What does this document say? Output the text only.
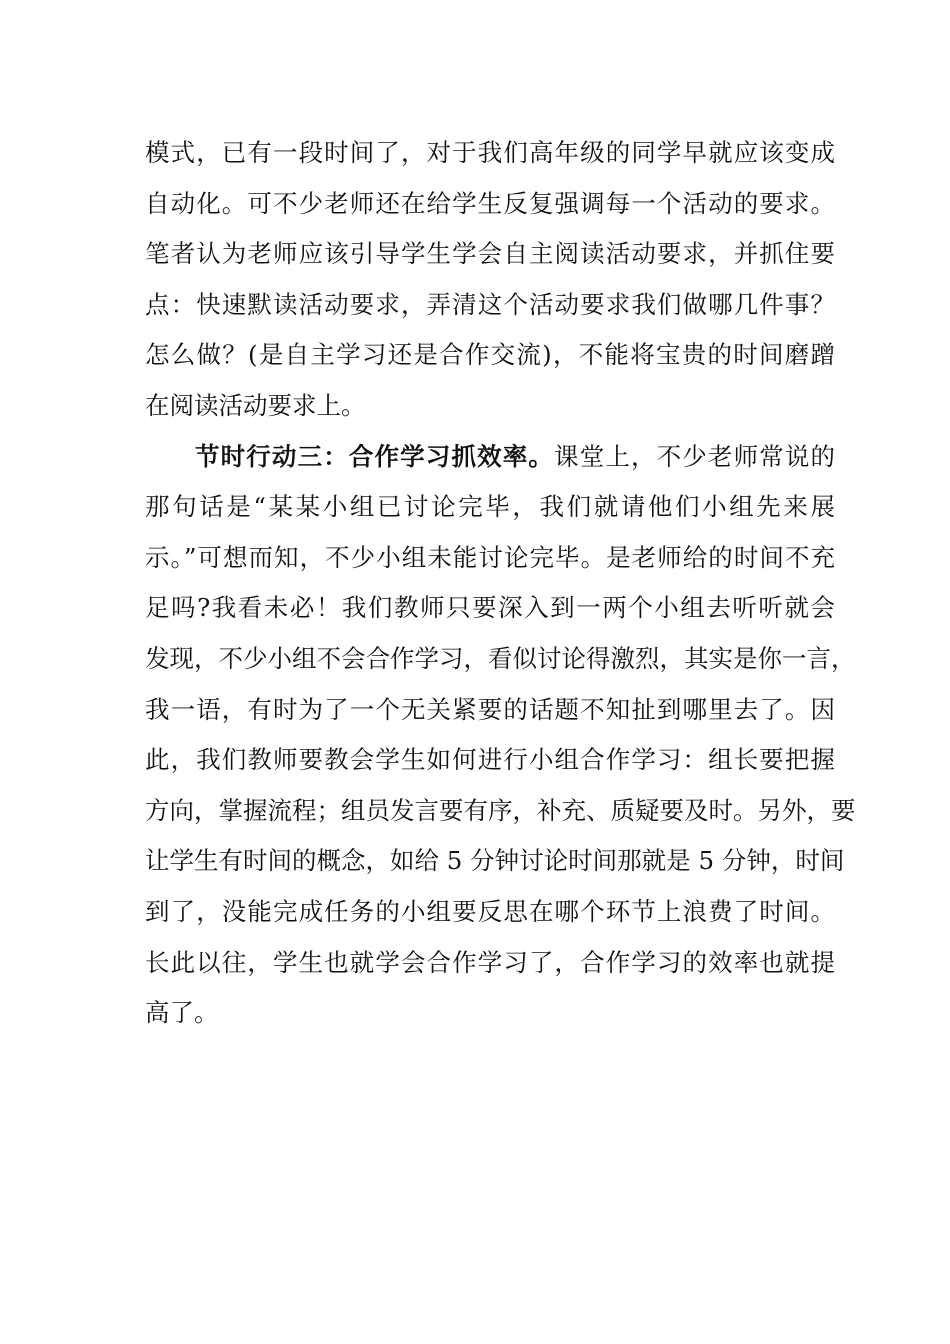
模式，已有一段时间了，对于我们高年级的同学早就应该变成
自动化。可不少老师还在给学生反复强调每一个活动的要求。
笔者认为老师应该引导学生学会自主阅读活动要求，并抓住要
点：快速默读活动要求，弄清这个活动要求我们做哪几件事？
怎么做？(是自主学习还是合作交流)，不能将宝贵的时间磨蹭
在阅读活动要求上。
节时行动三：合作学习抓效率。课堂上，不少老师常说的
那句话是“某某小组已讨论完毕，我们就请他们小组先来展
示。”可想而知，不少小组未能讨论完毕。是老师给的时间不充
足吗?我看未必！我们教师只要深入到一两个小组去听听就会
发现，不少小组不会合作学习，看似讨论得激烈，其实是你一言，
我一语，有时为了一个无关紧要的话题不知扯到哪里去了。因
此，我们教师要教会学生如何进行小组合作学习：组长要把握
方向，掌握流程；组员发言要有序，补充、质疑要及时。另外，要
让学生有时间的概念，如给 5 分钟讨论时间那就是 5 分钟，时间
到了，没能完成任务的小组要反思在哪个环节上浪费了时间。
长此以往，学生也就学会合作学习了，合作学习的效率也就提
高了。
